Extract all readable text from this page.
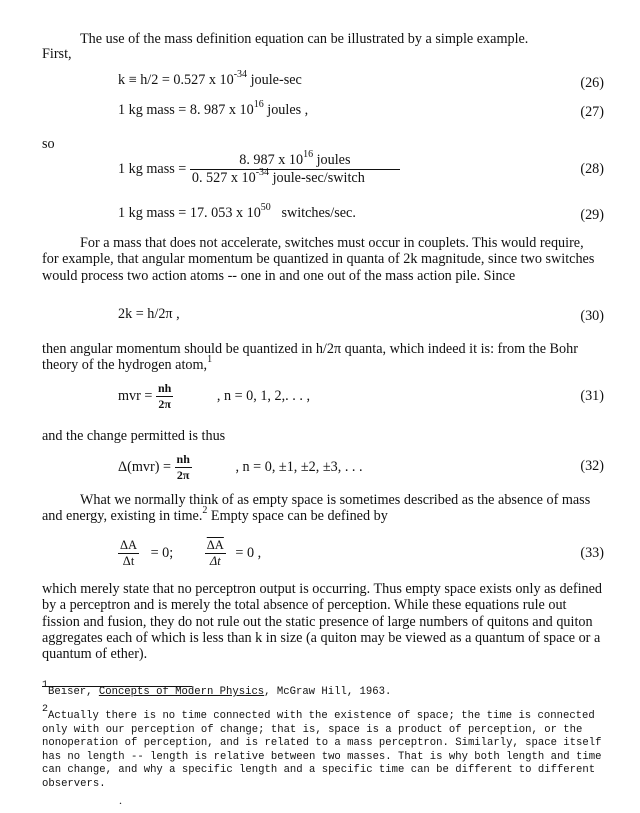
The use of the mass definition equation can be illustrated by a simple example.
First,
k ≡ h/2 = 0.527 x $10^{-34}$ joule-sec	(26)
1 kg mass = 8. 987 x $10^{16}$ joules ,	(27)
so
1 kg mass = $\frac{8. 987 x 10^{16} joules}{0. 527 x 10^{-34} joule-\sec/switch}$	(28)
1 kg mass = 17. 053 x $10^{50}$ switches/sec.	(29)

For a mass that does not accelerate, switches must occur in couplets. This would require, for example, that angular momentum be quantized in quanta of 2k magnitude, since two switches would process two action atoms -- one in and one out of the mass action pile. Since

2k = h/2π ,	(30)

then angular momentum should be quantized in h/2π quanta, which indeed it is: from the Bohr theory of the hydrogen atom,$^1$

mvr = $\frac{nh}{2\pi}$	, n = 0, 1, 2,. . . ,	(31)
and the change permitted is thus
$\Delta(mvr) = \frac{nh}{2\pi}$	, n = 0, ±1, ±2, ±3, . . .	(32)

What we normally think of as empty space is sometimes described as the absence of mass and energy, existing in time.$^2$ Empty space can be defined by

$\frac{\Delta A}{\Delta t} = 0$;	$\frac{\overline{\Delta A}}{\Delta t} = 0$ ,	(33)

which merely state that no perceptron output is occurring. Thus empty space exists only as defined by a perceptron and is merely the total absence of perception. While these equations rule out fission and fusion, they do not rule out the static presence of large numbers of quitons and quiton aggregates each of which is less than k in size (a quiton may be viewed as a quantum of space or a quantum of ether).

$^1$Beiser, Concepts of Modern Physics, McGraw Hill, 1963.

$^2$Actually there is no time connected with the existence of space; the time is connected only with our perception of change; that is, space is a product of perception, or the nonoperation of perception, and is related to a mass perceptron. Similarly, space itself has no length -- length is relative between two masses. That is why both length and time can change, and why a specific length and a specific time can be different to different observers.

.
